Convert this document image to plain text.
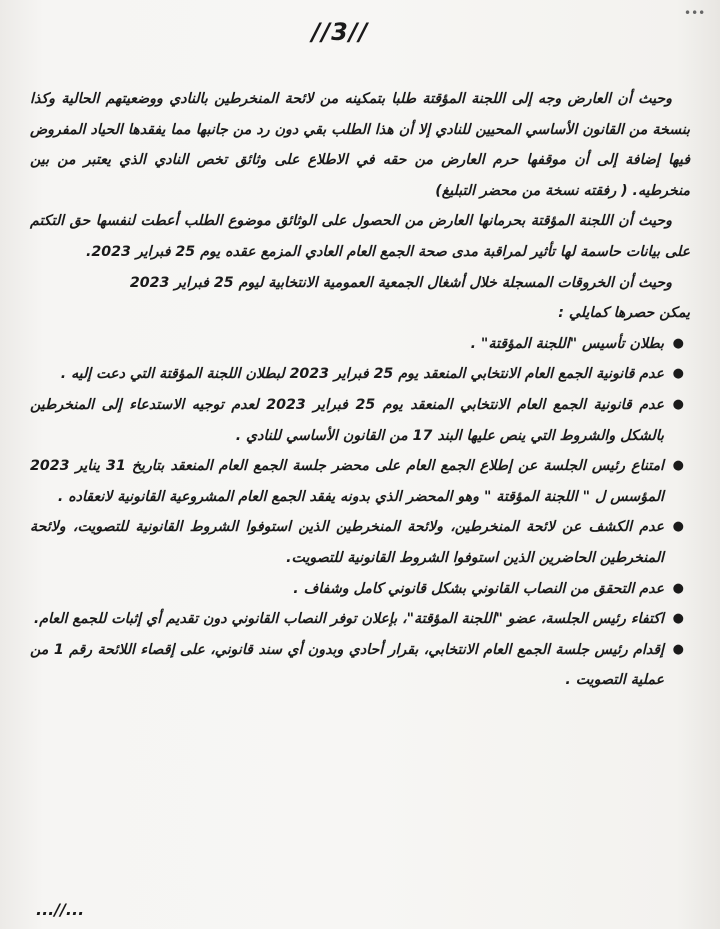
•••
//3//

وحيث أن العارض وجه إلى اللجنة المؤقتة طلبا بتمكينه من لائحة المنخرطين بالنادي ووضعيتهم الحالية وكذا بنسخة من القانون الأساسي المحيين للنادي إلا أن هذا الطلب بقي دون رد من جانبها مما يفقدها الحياد المفروض فيها إضافة إلى أن موقفها حرم العارض من حقه في الاطلاع على وثائق تخص النادي الذي يعتبر من بين منخرطيه. ( رفقته نسخة من محضر التبليغ)

وحيث أن اللجنة المؤقتة بحرمانها العارض من الحصول على الوثائق موضوع الطلب أعطت لنفسها حق التكتم على بيانات حاسمة لها تأثير لمراقبة مدى صحة الجمع العام العادي المزمع عقده يوم 25 فبراير 2023.

وحيث أن الخروقات المسجلة خلال أشغال الجمعية العمومية الانتخابية ليوم 25 فبراير 2023

يمكن حصرها كمايلي :

●
بطلان تأسيس "اللجنة المؤقتة" .
●
عدم قانونية الجمع العام الانتخابي المنعقد يوم 25 فبراير 2023 لبطلان اللجنة المؤقتة التي دعت إليه .
●
عدم قانونية الجمع العام الانتخابي المنعقد يوم 25 فبراير 2023 لعدم توجيه الاستدعاء إلى المنخرطين بالشكل والشروط التي ينص عليها البند 17 من القانون الأساسي للنادي .
●
امتناع رئيس الجلسة عن إطلاع الجمع العام على محضر جلسة الجمع العام المنعقد بتاريخ 31 يناير 2023 المؤسس ل " اللجنة المؤقتة " وهو المحضر الذي بدونه يفقد الجمع العام المشروعية القانونية لانعقاده .
●
عدم الكشف عن لائحة المنخرطين، ولائحة المنخرطين الذين استوفوا الشروط القانونية للتصويت، ولائحة المنخرطين الحاضرين الذين استوفوا الشروط القانونية للتصويت.
●
عدم التحقق من النصاب القانوني بشكل قانوني كامل وشفاف .
●
اكتفاء رئيس الجلسة، عضو "اللجنة المؤقتة"، بإعلان توفر النصاب القانوني دون تقديم أي إثبات للجمع العام.
●
إقدام رئيس جلسة الجمع العام الانتخابي، بقرار أحادي وبدون أي سند قانوني، على إقصاء اللائحة رقم 1 من عملية التصويت .
...//...
